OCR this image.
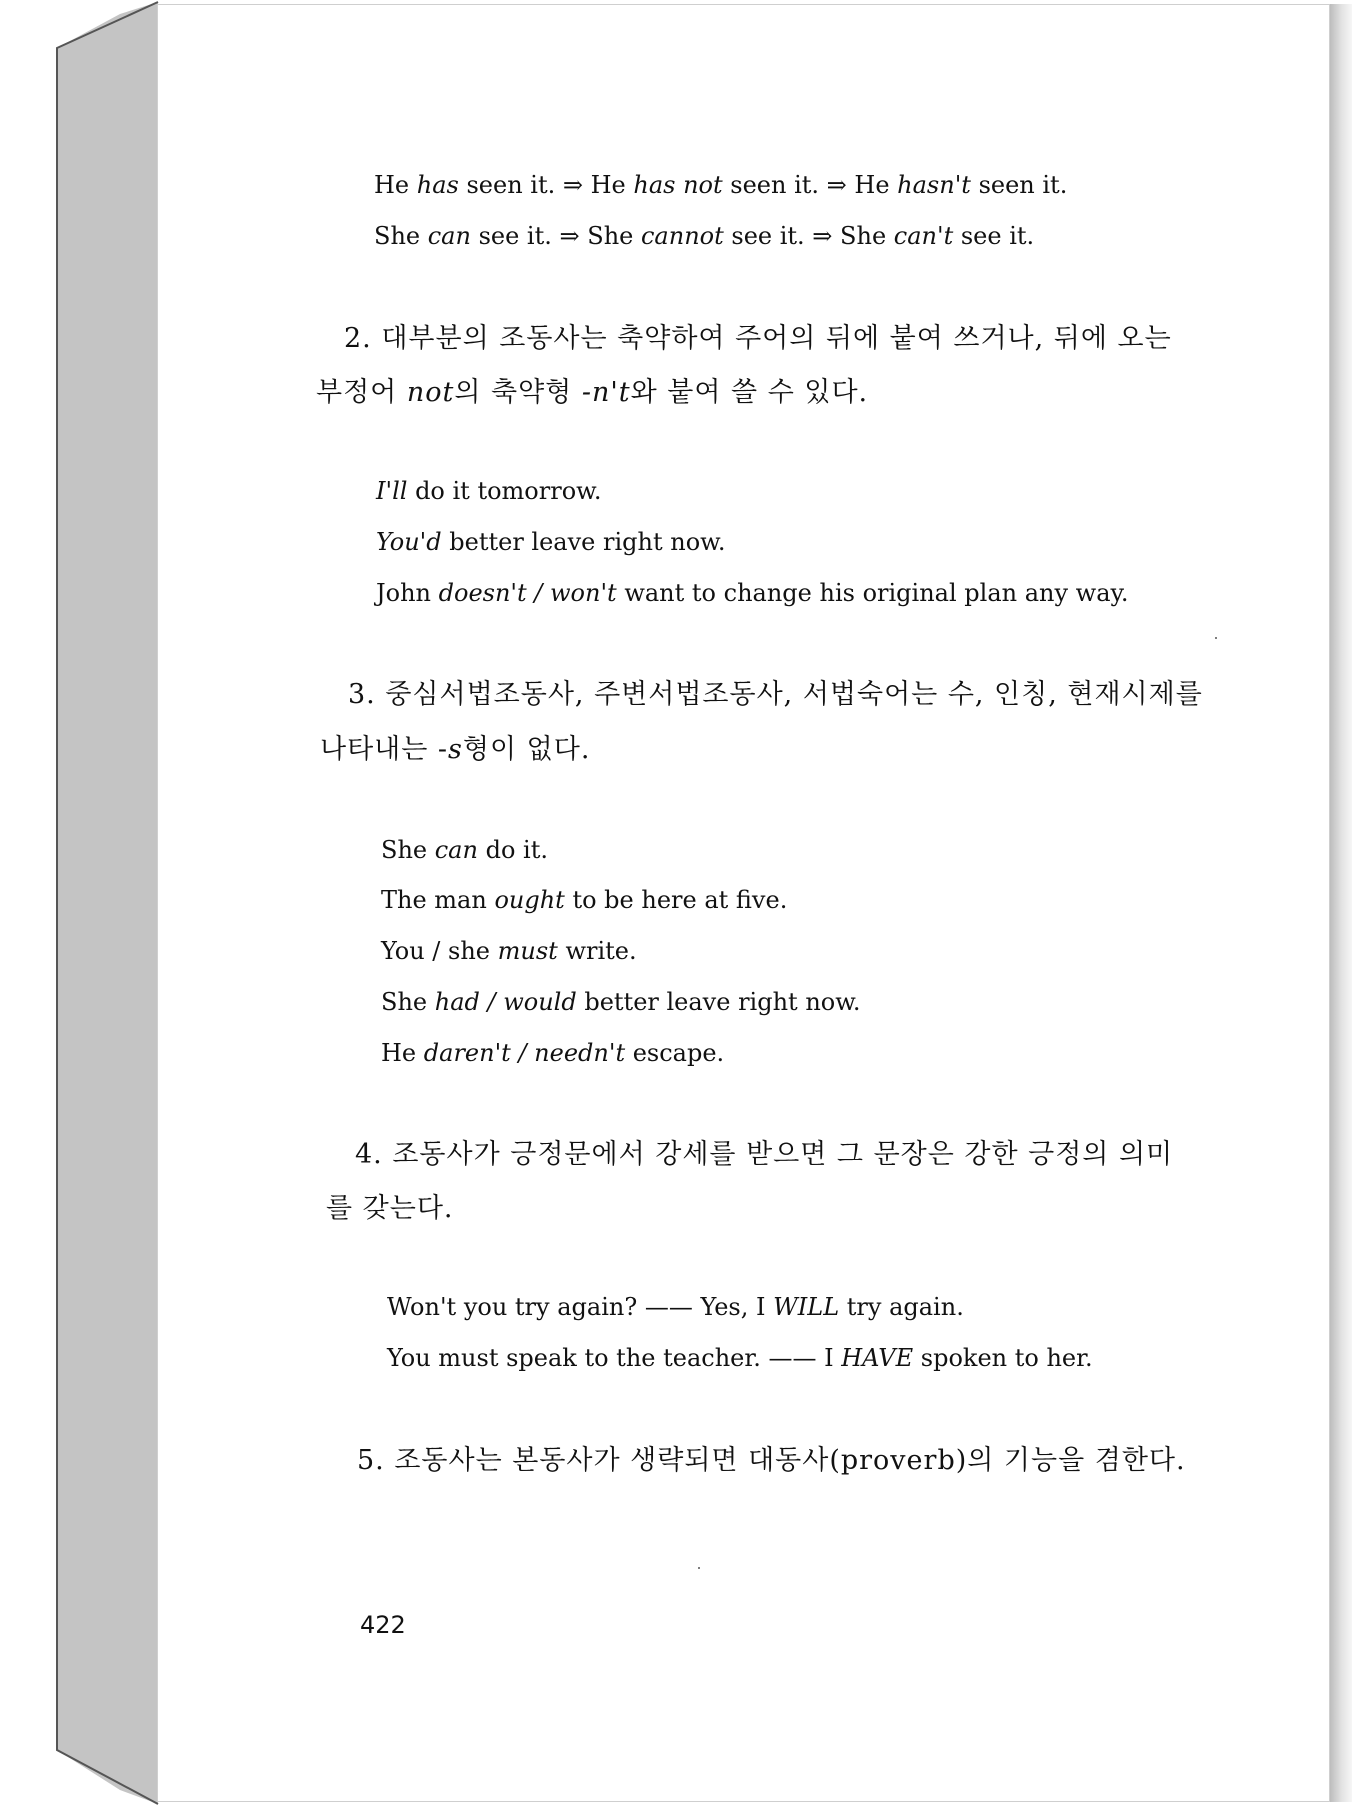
He has seen it. ⇒ He has not seen it. ⇒ He hasn't seen it.
She can see it. ⇒ She cannot see it. ⇒ She can't see it.
2. 대부분의 조동사는 축약하여 주어의 뒤에 붙여 쓰거나, 뒤에 오는
부정어 not의 축약형 -n't와 붙여 쓸 수 있다.
I'll do it tomorrow.
You'd better leave right now.
John doesn't / won't want to change his original plan any way.
3. 중심서법조동사, 주변서법조동사, 서법숙어는 수, 인칭, 현재시제를
나타내는 -s형이 없다.
She can do it.
The man ought to be here at five.
You / she must write.
She had / would better leave right now.
He daren't / needn't escape.
4. 조동사가 긍정문에서 강세를 받으면 그 문장은 강한 긍정의 의미
를 갖는다.
Won't you try again? —— Yes, I WILL try again.
You must speak to the teacher. —— I HAVE spoken to her.
5. 조동사는 본동사가 생략되면 대동사(proverb)의 기능을 겸한다.
422
